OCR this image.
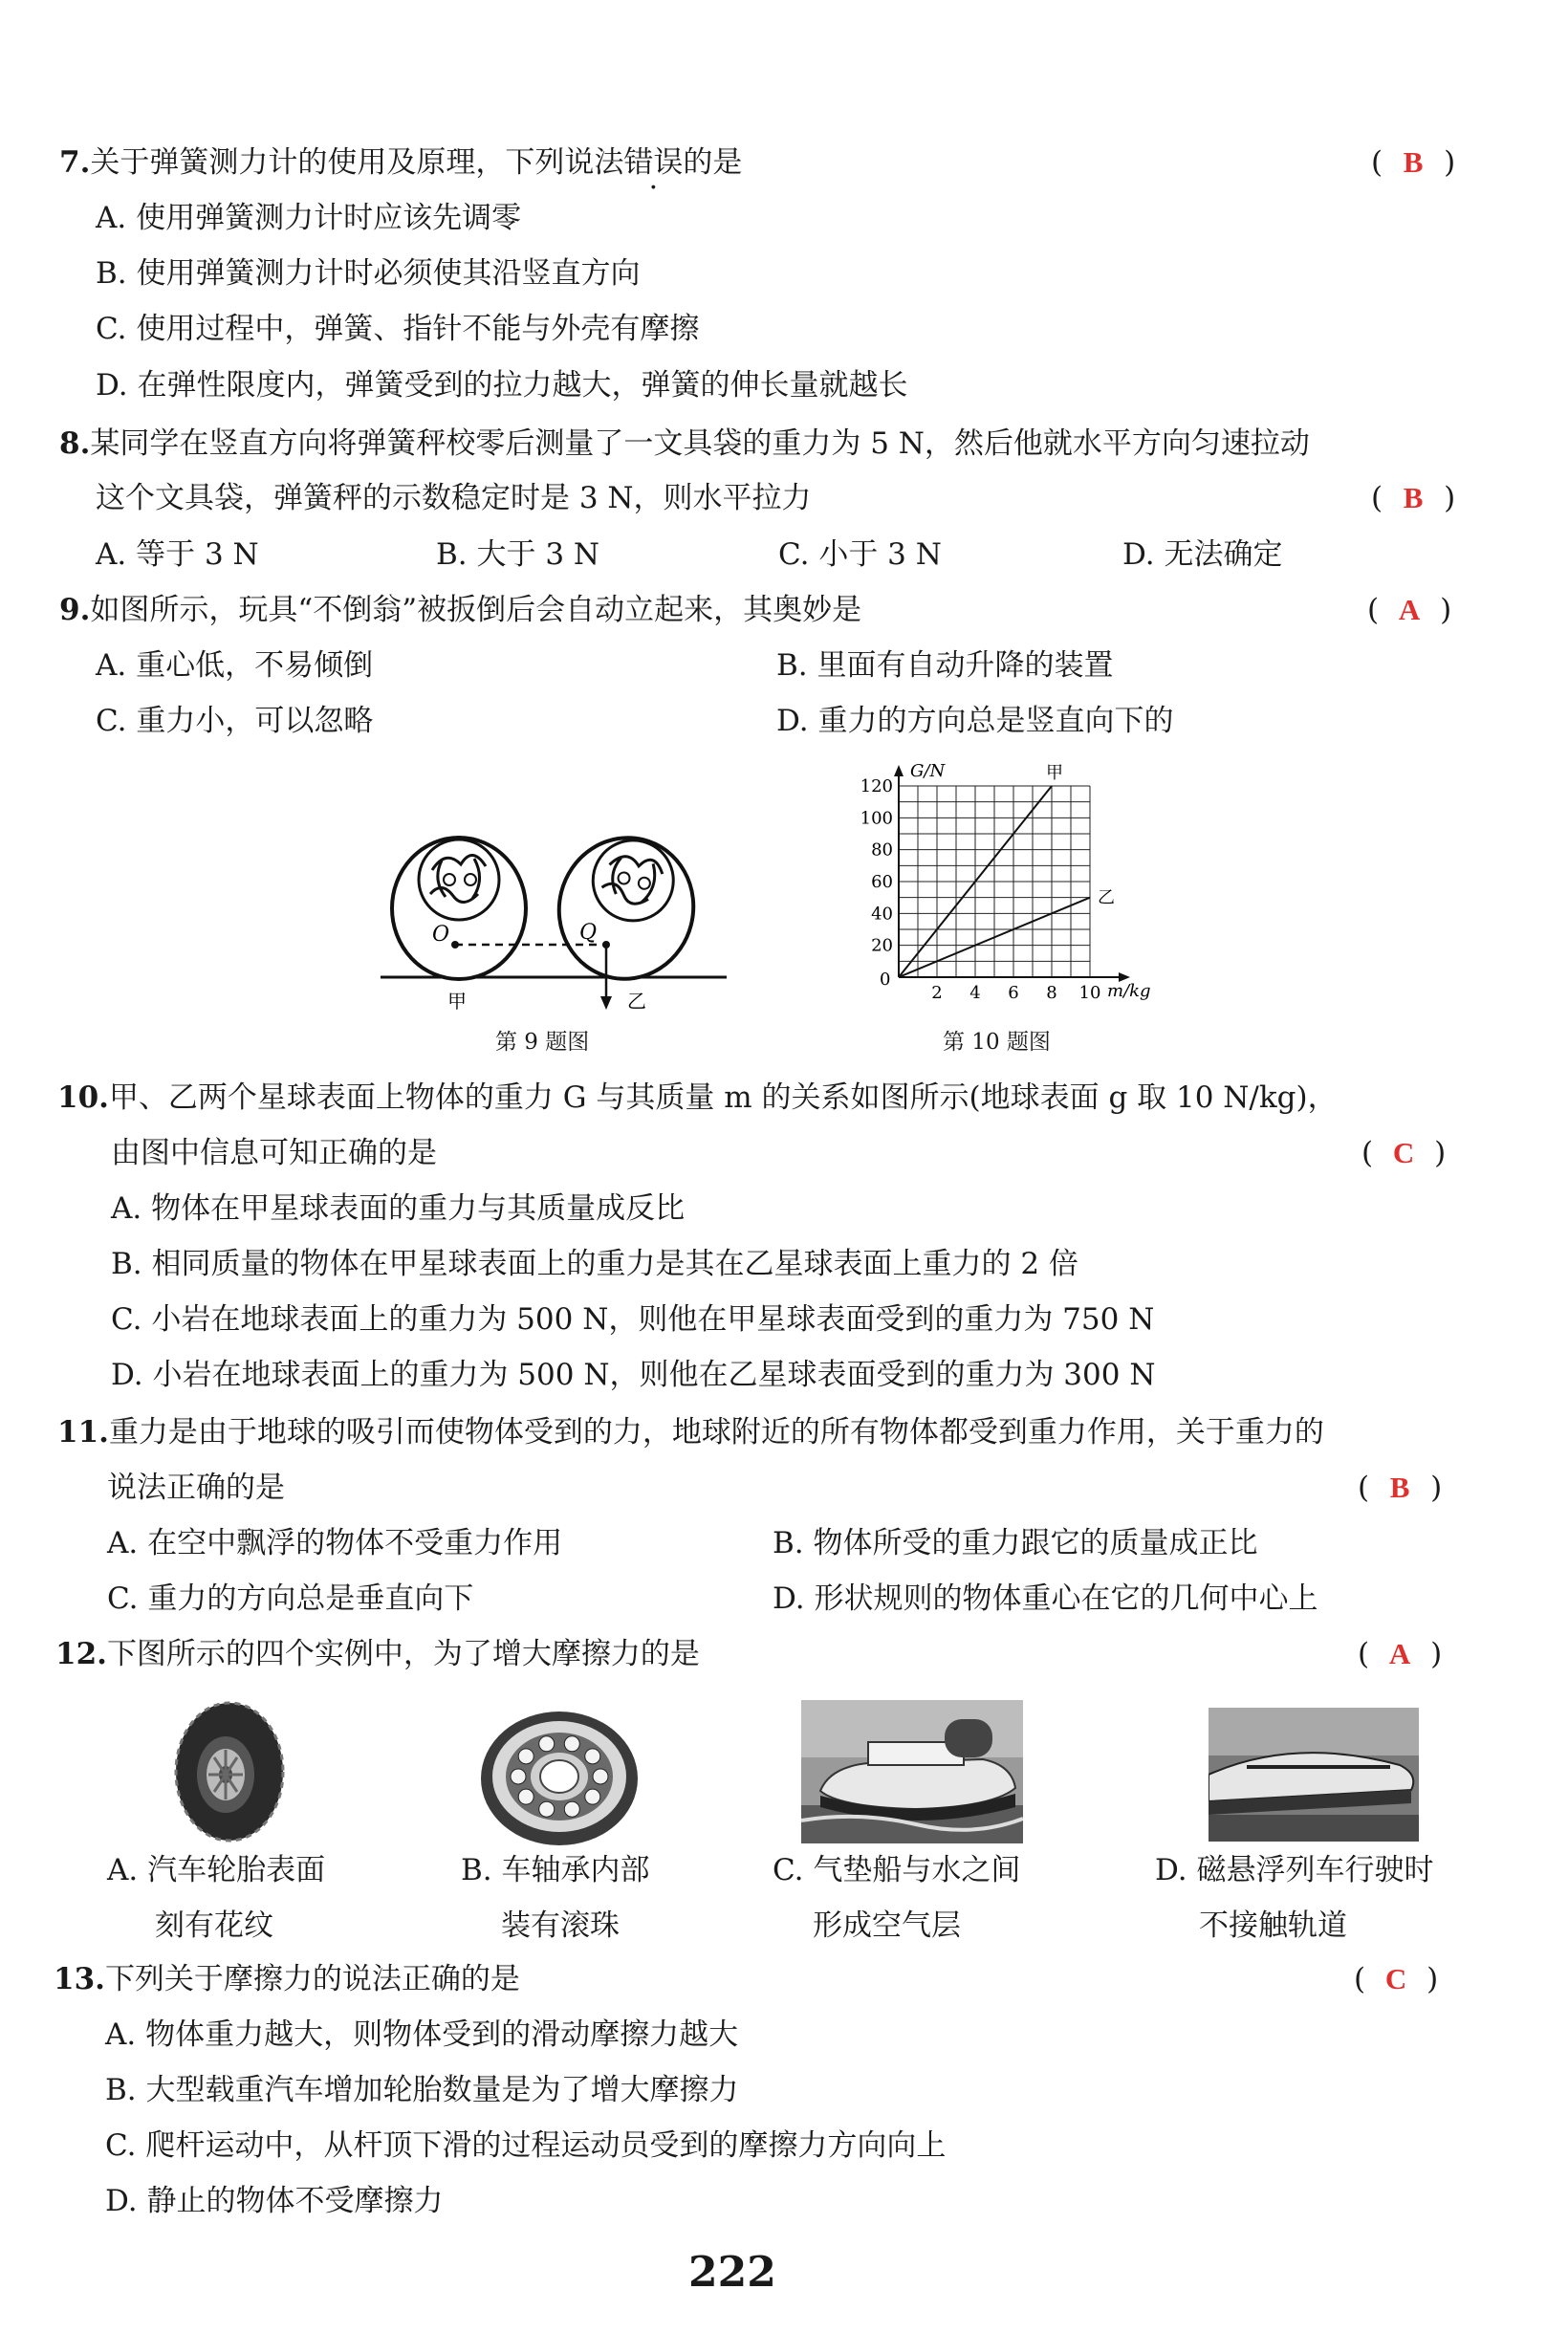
7.关于弹簧测力计的使用及原理，下列说法错误的是	( B )
A. 使用弹簧测力计时应该先调零
B. 使用弹簧测力计时必须使其沿竖直方向
C. 使用过程中，弹簧、指针不能与外壳有摩擦
D. 在弹性限度内，弹簧受到的拉力越大，弹簧的伸长量就越长
8.某同学在竖直方向将弹簧秤校零后测量了一文具袋的重力为 5 N，然后他就水平方向匀速拉动
这个文具袋，弹簧秤的示数稳定时是 3 N，则水平拉力	( B )
A. 等于 3 N	B. 大于 3 N	C. 小于 3 N	D. 无法确定
9.如图所示，玩具“不倒翁”被扳倒后会自动立起来，其奥妙是	( A )
A. 重心低，不易倾倒	B. 里面有自动升降的装置
C. 重力小，可以忽略	D. 重力的方向总是竖直向下的
O	Q
甲	乙
第 9 题图
2 4 6 8 10
20
40
60
80
100
120
甲
乙
G/N
m/kg
0
第 10 题图
10.甲、乙两个星球表面上物体的重力 G 与其质量 m 的关系如图所示(地球表面 g 取 10 N/kg)，
由图中信息可知正确的是	( C )
A. 物体在甲星球表面的重力与其质量成反比
B. 相同质量的物体在甲星球表面上的重力是其在乙星球表面上重力的 2 倍
C. 小岩在地球表面上的重力为 500 N，则他在甲星球表面受到的重力为 750 N
D. 小岩在地球表面上的重力为 500 N，则他在乙星球表面受到的重力为 300 N
11.重力是由于地球的吸引而使物体受到的力，地球附近的所有物体都受到重力作用，关于重力的
说法正确的是	( B )
A. 在空中飘浮的物体不受重力作用	B. 物体所受的重力跟它的质量成正比
C. 重力的方向总是垂直向下	D. 形状规则的物体重心在它的几何中心上
12.下图所示的四个实例中，为了增大摩擦力的是	( A )
A. 汽车轮胎表面
刻有花纹
B. 车轴承内部
装有滚珠
C. 气垫船与水之间
形成空气层
D. 磁悬浮列车行驶时
不接触轨道
13.下列关于摩擦力的说法正确的是	( C )
A. 物体重力越大，则物体受到的滑动摩擦力越大
B. 大型载重汽车增加轮胎数量是为了增大摩擦力
C. 爬杆运动中，从杆顶下滑的过程运动员受到的摩擦力方向向上
D. 静止的物体不受摩擦力
222
